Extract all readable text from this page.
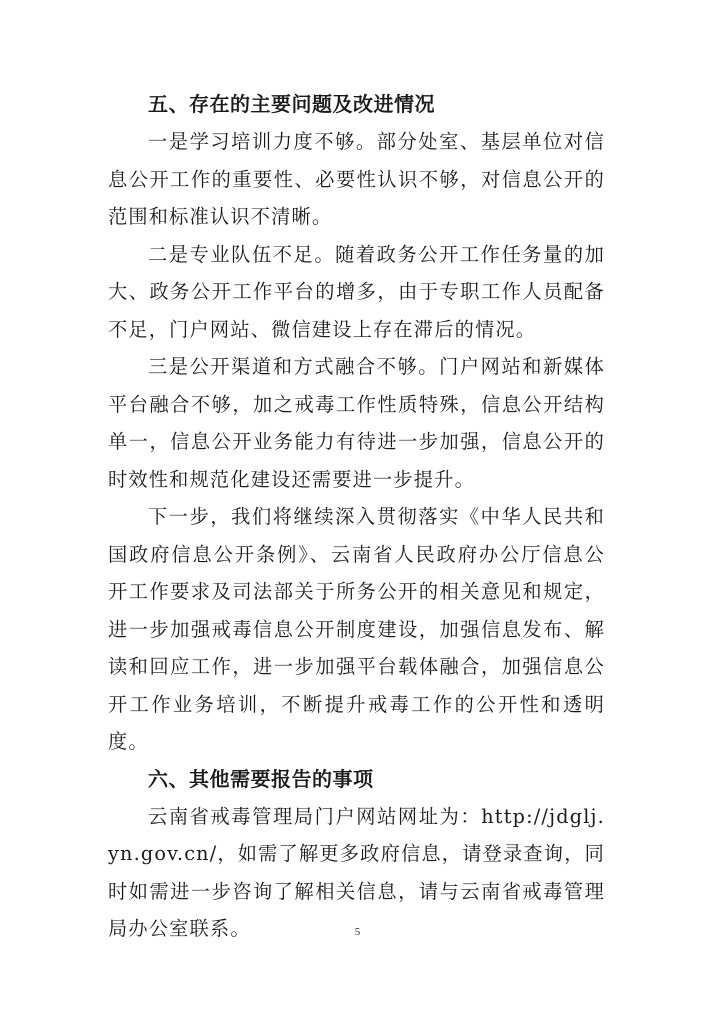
五、存在的主要问题及改进情况

一是学习培训力度不够。部分处室、基层单位对信息公开工作的重要性、必要性认识不够，对信息公开的范围和标准认识不清晰。

二是专业队伍不足。随着政务公开工作任务量的加大、政务公开工作平台的增多，由于专职工作人员配备不足，门户网站、微信建设上存在滞后的情况。

三是公开渠道和方式融合不够。门户网站和新媒体平台融合不够，加之戒毒工作性质特殊，信息公开结构单一，信息公开业务能力有待进一步加强，信息公开的时效性和规范化建设还需要进一步提升。

下一步，我们将继续深入贯彻落实《中华人民共和国政府信息公开条例》、云南省人民政府办公厅信息公开工作要求及司法部关于所务公开的相关意见和规定，进一步加强戒毒信息公开制度建设，加强信息发布、解读和回应工作，进一步加强平台载体融合，加强信息公开工作业务培训，不断提升戒毒工作的公开性和透明度。

六、其他需要报告的事项

云南省戒毒管理局门户网站网址为：http://jdglj.yn.gov.cn/，如需了解更多政府信息，请登录查询，同时如需进一步咨询了解相关信息，请与云南省戒毒管理局办公室联系。	5
